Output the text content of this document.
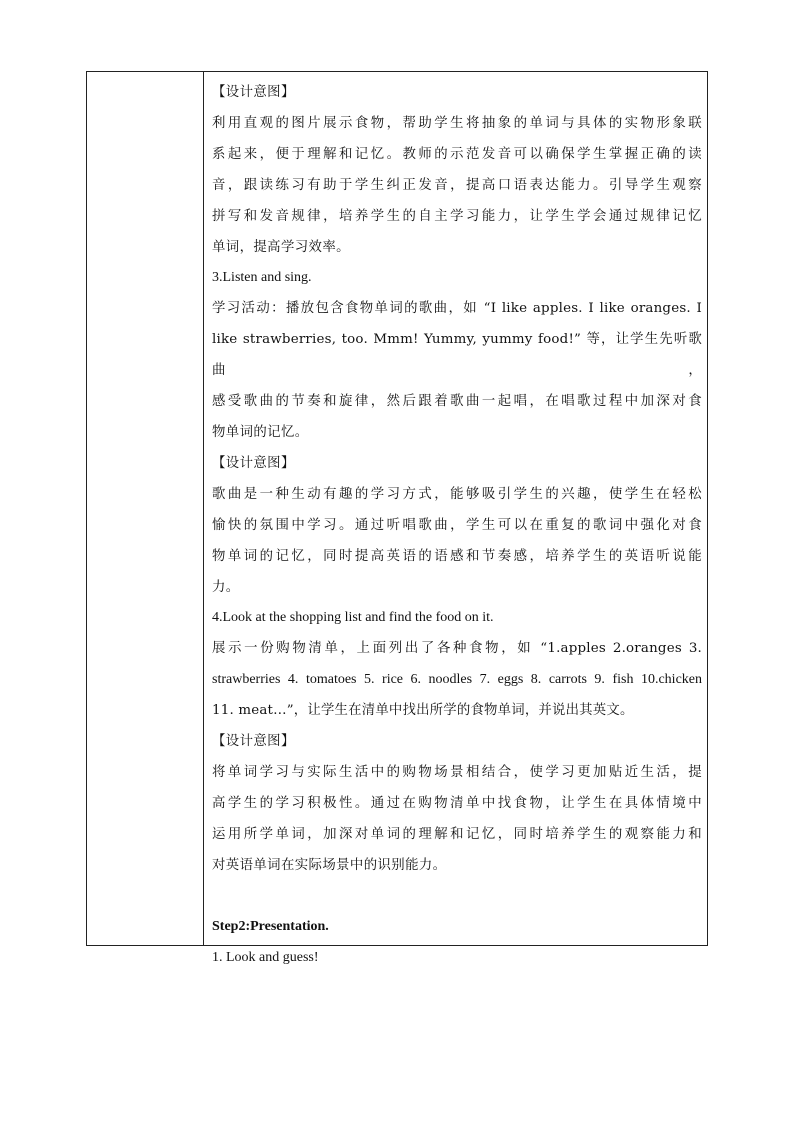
【设计意图】
利用直观的图片展示食物，帮助学生将抽象的单词与具体的实物形象联
系起来，便于理解和记忆。教师的示范发音可以确保学生掌握正确的读
音，跟读练习有助于学生纠正发音，提高口语表达能力。引导学生观察
拼写和发音规律，培养学生的自主学习能力，让学生学会通过规律记忆
单词，提高学习效率。
3.Listen and sing.
学习活动：播放包含食物单词的歌曲，如 “I like apples. I like oranges. I
like strawberries, too. Mmm! Yummy, yummy food!” 等，让学生先听歌曲，
感受歌曲的节奏和旋律，然后跟着歌曲一起唱，在唱歌过程中加深对食
物单词的记忆。
【设计意图】
歌曲是一种生动有趣的学习方式，能够吸引学生的兴趣，使学生在轻松
愉快的氛围中学习。通过听唱歌曲，学生可以在重复的歌词中强化对食
物单词的记忆，同时提高英语的语感和节奏感，培养学生的英语听说能
力。
4.Look at the shopping list and find the food on it.
展示一份购物清单，上面列出了各种食物，如 “1.apples 2.oranges 3.
strawberries 4. tomatoes 5. rice 6. noodles 7. eggs 8. carrots 9. fish 10.chicken
11. meat…”，让学生在清单中找出所学的食物单词，并说出其英文。
【设计意图】
将单词学习与实际生活中的购物场景相结合，使学习更加贴近生活，提
高学生的学习积极性。通过在购物清单中找食物，让学生在具体情境中
运用所学单词，加深对单词的理解和记忆，同时培养学生的观察能力和
对英语单词在实际场景中的识别能力。
Step2:Presentation.
1. Look and guess!
